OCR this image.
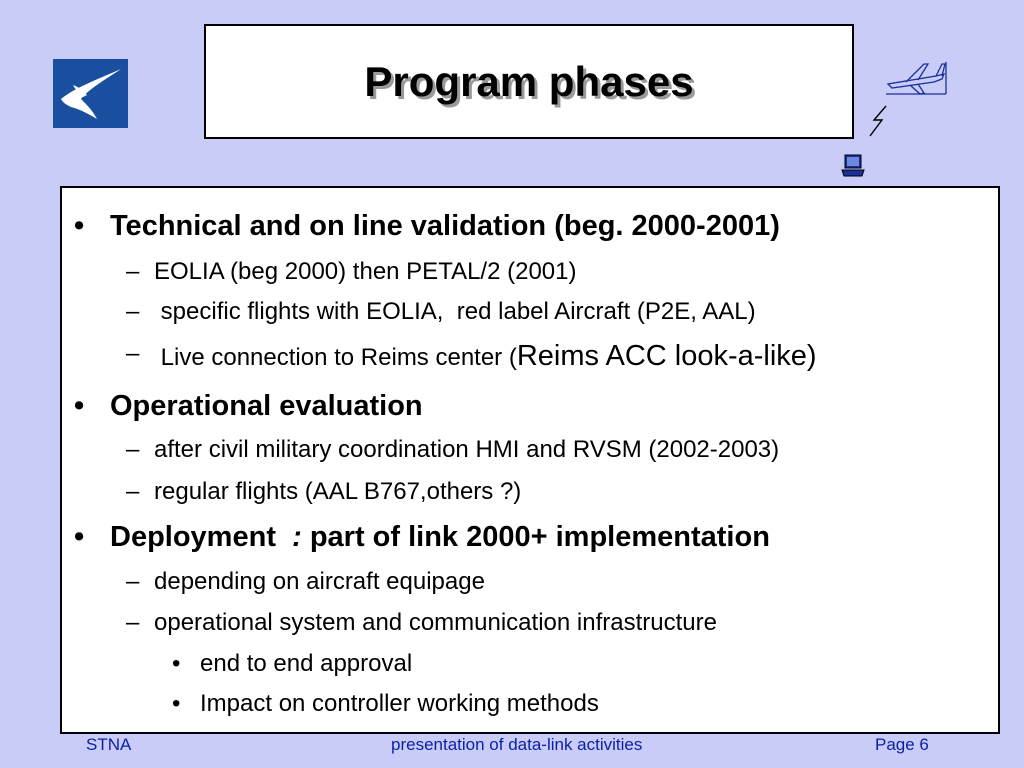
Program phases
• Technical and on line validation (beg. 2000-2001)
– EOLIA (beg 2000) then PETAL/2 (2001)
– specific flights with EOLIA,  red label Aircraft (P2E, AAL)
– Live connection to Reims center (Reims ACC look-a-like)
• Operational evaluation
– after civil military coordination HMI and RVSM (2002-2003)
– regular flights (AAL B767,others ?)
• Deployment  : part of link 2000+ implementation
– depending on aircraft equipage
– operational system and communication infrastructure
• end to end approval
• Impact on controller working methods
STNA	presentation of data-link activities	Page 6
